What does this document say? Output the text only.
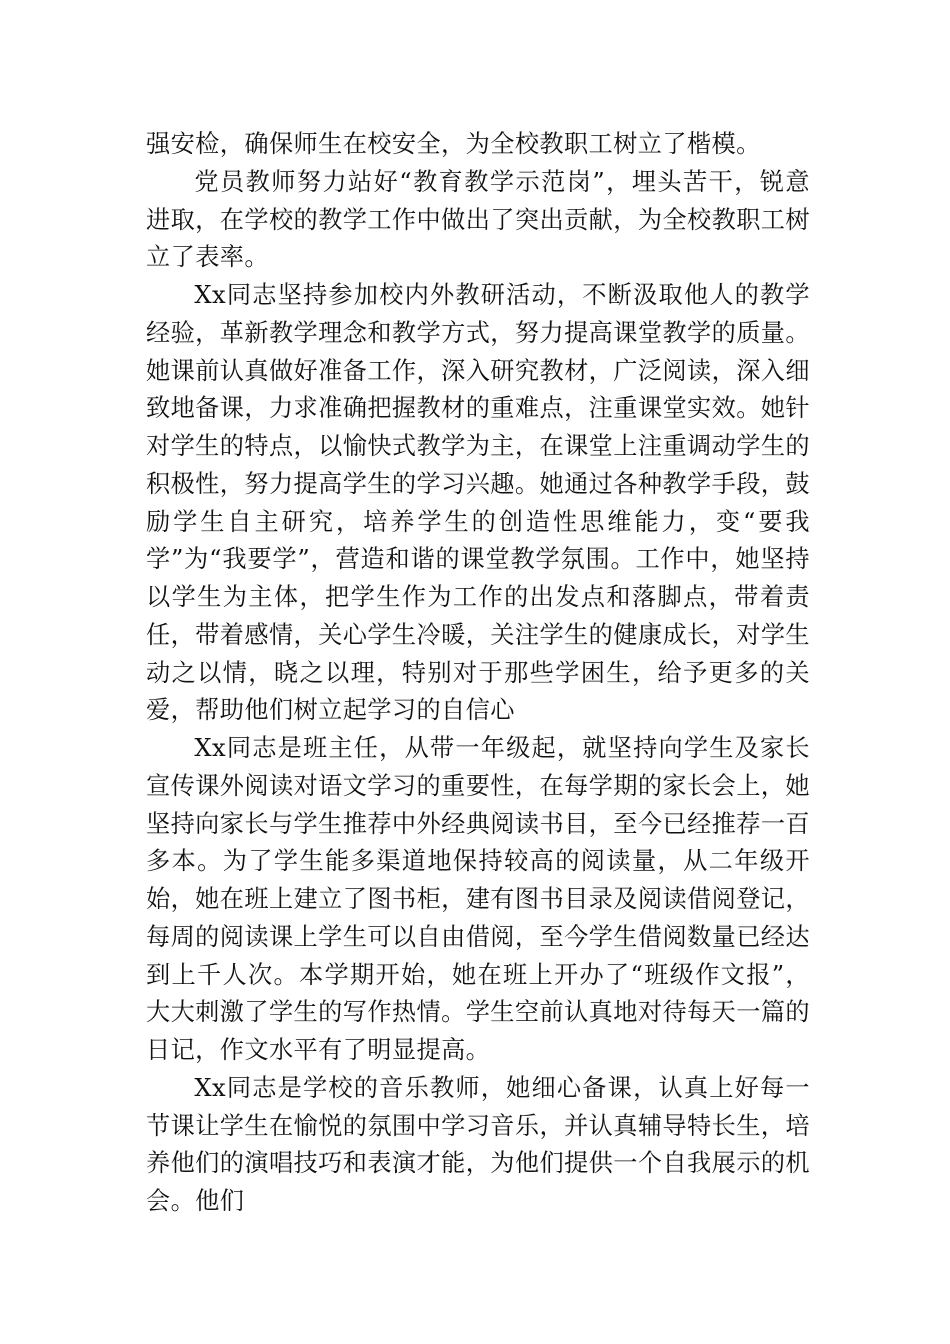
强安检，确保师生在校安全，为全校教职工树立了楷模。

党员教师努力站好“教育教学示范岗”，埋头苦干，锐意进取，在学校的教学工作中做出了突出贡献，为全校教职工树立了表率。

Xx同志坚持参加校内外教研活动，不断汲取他人的教学经验，革新教学理念和教学方式，努力提高课堂教学的质量。她课前认真做好准备工作，深入研究教材，广泛阅读，深入细致地备课，力求准确把握教材的重难点，注重课堂实效。她针对学生的特点，以愉快式教学为主，在课堂上注重调动学生的积极性，努力提高学生的学习兴趣。她通过各种教学手段，鼓励学生自主研究，培养学生的创造性思维能力，变“要我学”为“我要学”，营造和谐的课堂教学氛围。工作中，她坚持以学生为主体，把学生作为工作的出发点和落脚点，带着责任，带着感情，关心学生冷暖，关注学生的健康成长，对学生动之以情，晓之以理，特别对于那些学困生，给予更多的关爱，帮助他们树立起学习的自信心

Xx同志是班主任，从带一年级起，就坚持向学生及家长宣传课外阅读对语文学习的重要性，在每学期的家长会上，她坚持向家长与学生推荐中外经典阅读书目，至今已经推荐一百多本。为了学生能多渠道地保持较高的阅读量，从二年级开始，她在班上建立了图书柜，建有图书目录及阅读借阅登记，每周的阅读课上学生可以自由借阅，至今学生借阅数量已经达到上千人次。本学期开始，她在班上开办了“班级作文报”，大大刺激了学生的写作热情。学生空前认真地对待每天一篇的日记，作文水平有了明显提高。

Xx同志是学校的音乐教师，她细心备课，认真上好每一节课让学生在愉悦的氛围中学习音乐，并认真辅导特长生，培养他们的演唱技巧和表演才能，为他们提供一个自我展示的机会。他们
